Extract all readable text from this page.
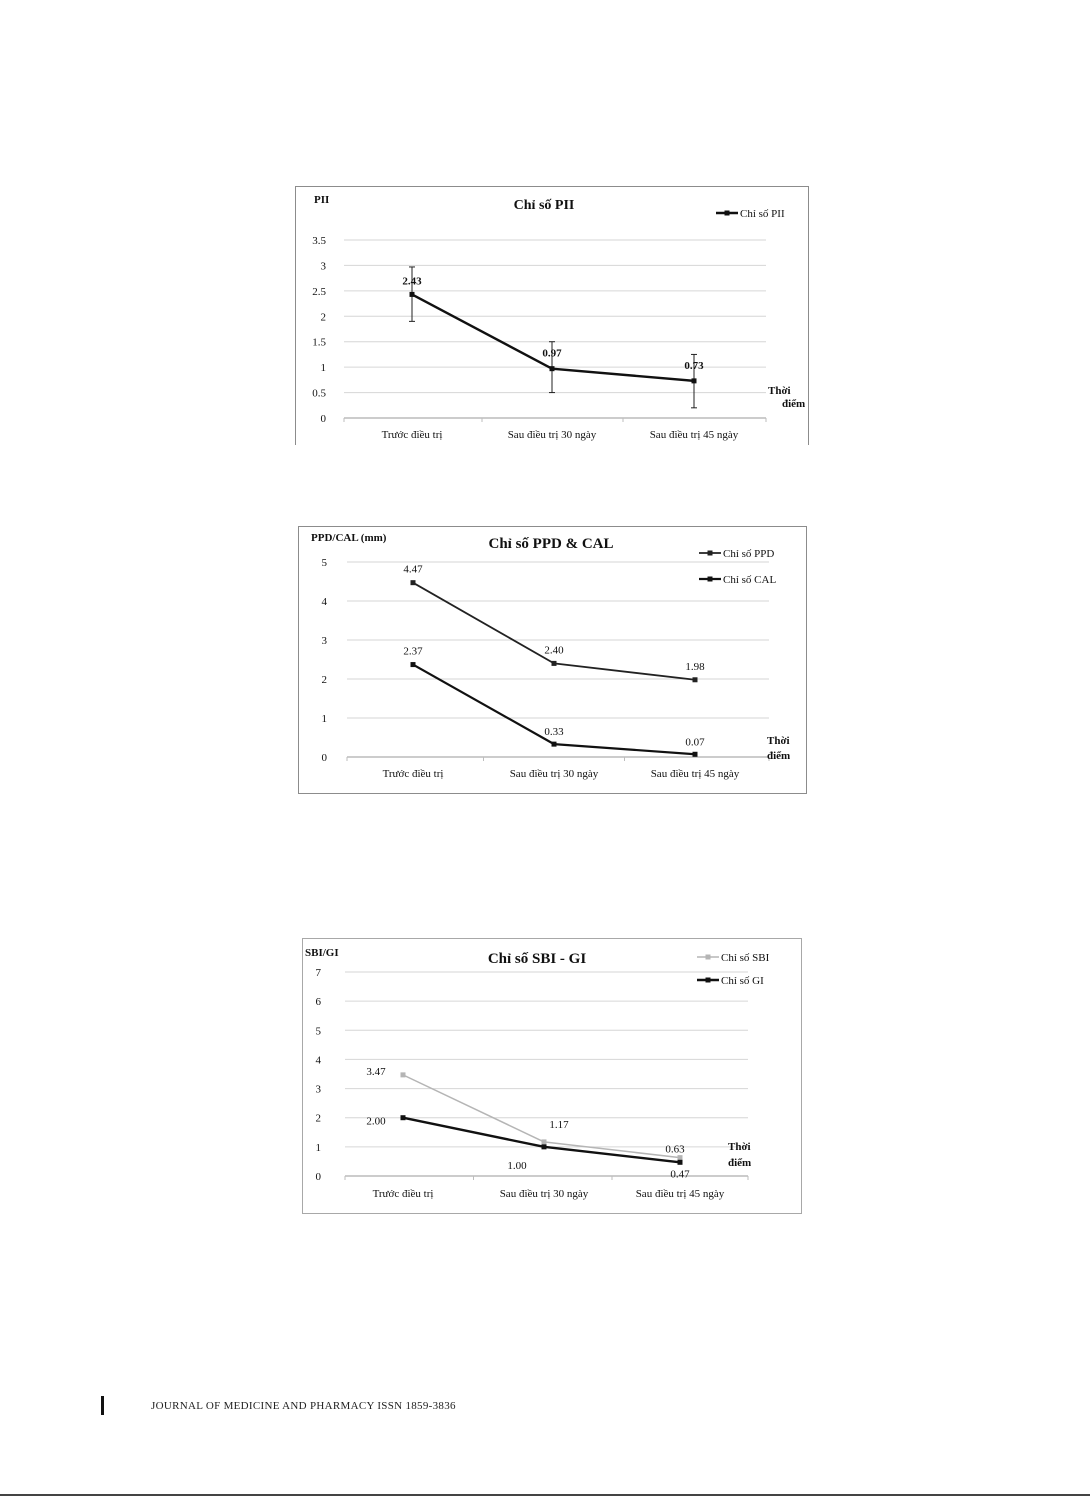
0
0.5
1
1.5
2
2.5
3
3.5
Chỉ số PII
PII
Thời
điểm
Trước điều trị	Sau điều trị 30 ngày	Sau điều trị 45 ngày
2.43
0.97
0.73
Chỉ số PII
0
1
2
3
4
5
Chỉ số PPD & CAL
PPD/CAL (mm)
Thời
điểm
Trước điều trị	Sau điều trị 30 ngày	Sau điều trị 45 ngày
4.47
2.40
1.98
Chỉ số PPD
2.37
0.33
0.07
Chỉ số CAL
0
1
2
3
4
5
6
7
Chỉ số SBI - GI
SBI/GI
Thời
điểm
Trước điều trị	Sau điều trị 30 ngày	Sau điều trị 45 ngày
3.47
1.17
0.63
Chỉ số SBI
2.00
1.00
0.47
Chỉ số GI
JOURNAL OF MEDICINE AND PHARMACY ISSN 1859-3836
